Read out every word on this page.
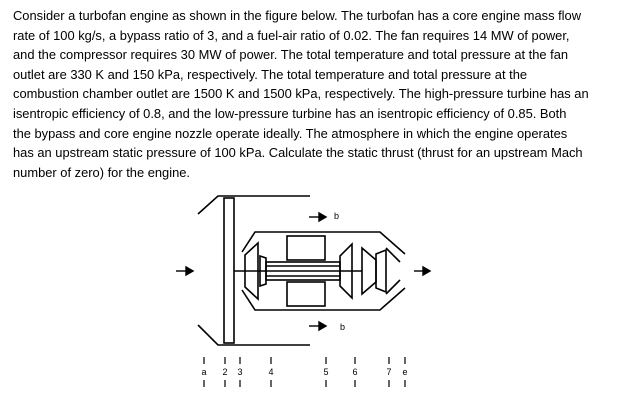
Consider a turbofan engine as shown in the figure below. The turbofan has a core engine mass flow
rate of 100 kg/s, a bypass ratio of 3, and a fuel-air ratio of 0.02. The fan requires 14 MW of power,
and the compressor requires 30 MW of power. The total temperature and total pressure at the fan
outlet are 330 K and 150 kPa, respectively. The total temperature and total pressure at the
combustion chamber outlet are 1500 K and 1500 kPa, respectively. The high-pressure turbine has an
isentropic efficiency of 0.8, and the low-pressure turbine has an isentropic efficiency of 0.85. Both
the bypass and core engine nozzle operate ideally. The atmosphere in which the engine operates
has an upstream static pressure of 100 kPa. Calculate the static thrust (thrust for an upstream Mach
number of zero) for the engine.
b
b
a 2 3	4	5	6	7 e
